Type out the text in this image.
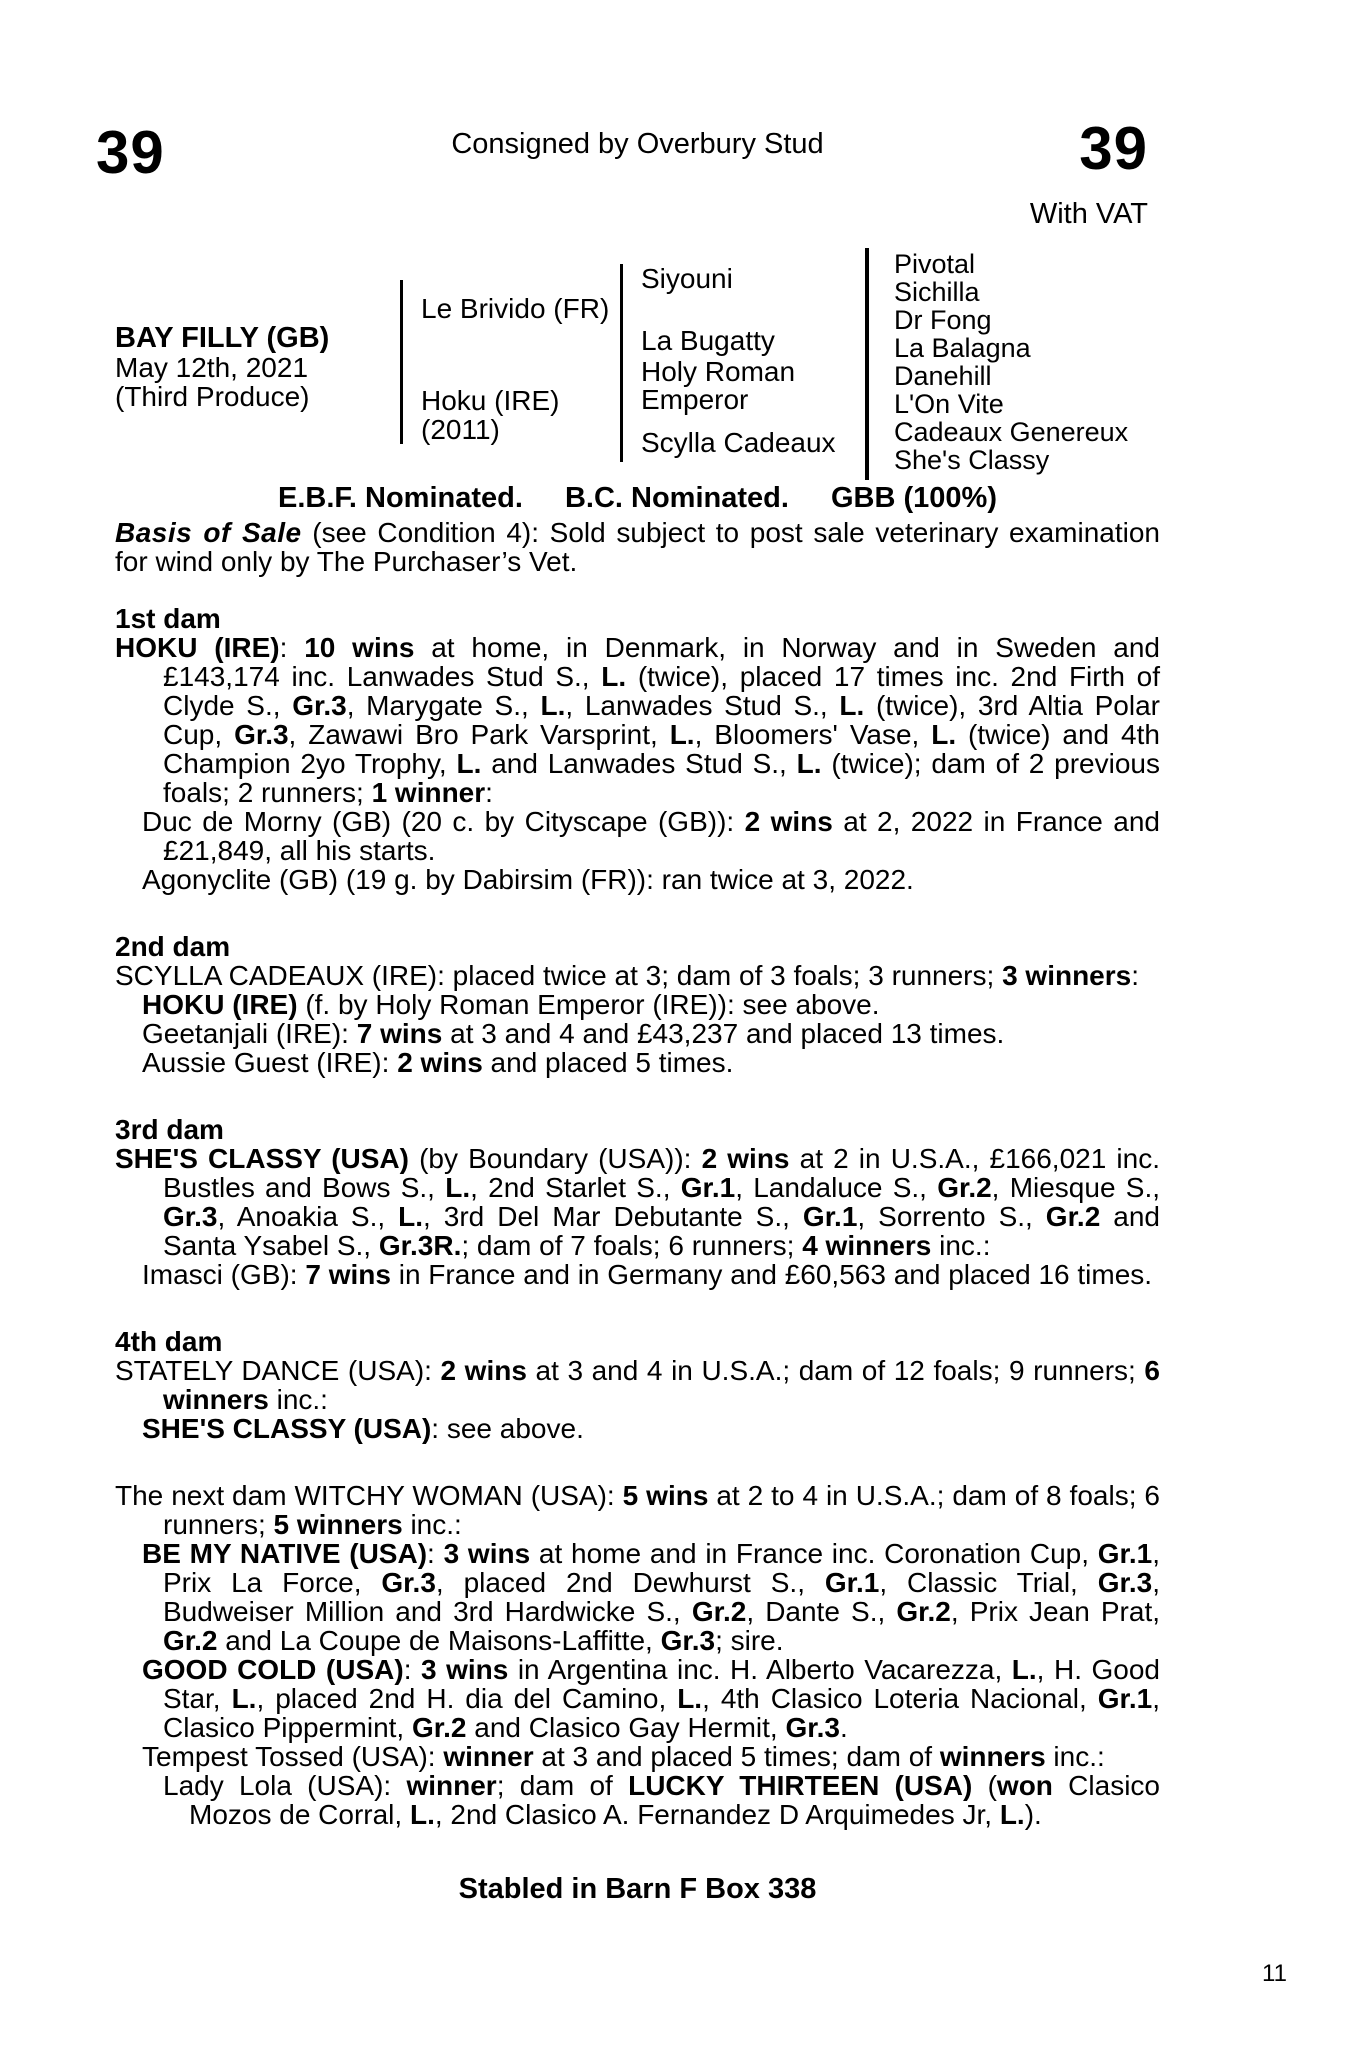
39	Consigned by Overbury Stud	39
With VAT
BAY FILLY (GB)
May 12th, 2021
(Third Produce)
Le Brivido (FR)
Hoku (IRE)
(2011)
Siyouni
La Bugatty
Holy Roman Emperor
Scylla Cadeaux
Pivotal
Sichilla
Dr Fong
La Balagna
Danehill
L'On Vite
Cadeaux Genereux
She's Classy
E.B.F. Nominated. B.C. Nominated. GBB (100%)

Basis of Sale (see Condition 4): Sold subject to post sale veterinary examination for wind only by The Purchaser’s Vet.

1st dam

HOKU (IRE): 10 wins at home, in Denmark, in Norway and in Sweden and £143,174 inc. Lanwades Stud S., L. (twice), placed 17 times inc. 2nd Firth of Clyde S., Gr.3, Marygate S., L., Lanwades Stud S., L. (twice), 3rd Altia Polar Cup, Gr.3, Zawawi Bro Park Varsprint, L., Bloomers' Vase, L. (twice) and 4th Champion 2yo Trophy, L. and Lanwades Stud S., L. (twice); dam of 2 previous foals; 2 runners; 1 winner:

Duc de Morny (GB) (20 c. by Cityscape (GB)): 2 wins at 2, 2022 in France and £21,849, all his starts.

Agonyclite (GB) (19 g. by Dabirsim (FR)): ran twice at 3, 2022.

2nd dam

SCYLLA CADEAUX (IRE): placed twice at 3; dam of 3 foals; 3 runners; 3 winners:

HOKU (IRE) (f. by Holy Roman Emperor (IRE)): see above.

Geetanjali (IRE): 7 wins at 3 and 4 and £43,237 and placed 13 times.

Aussie Guest (IRE): 2 wins and placed 5 times.

3rd dam

SHE'S CLASSY (USA) (by Boundary (USA)): 2 wins at 2 in U.S.A., £166,021 inc. Bustles and Bows S., L., 2nd Starlet S., Gr.1, Landaluce S., Gr.2, Miesque S., Gr.3, Anoakia S., L., 3rd Del Mar Debutante S., Gr.1, Sorrento S., Gr.2 and Santa Ysabel S., Gr.3R.; dam of 7 foals; 6 runners; 4 winners inc.:

Imasci (GB): 7 wins in France and in Germany and £60,563 and placed 16 times.

4th dam

STATELY DANCE (USA): 2 wins at 3 and 4 in U.S.A.; dam of 12 foals; 9 runners; 6 winners inc.:

SHE'S CLASSY (USA): see above.

The next dam WITCHY WOMAN (USA): 5 wins at 2 to 4 in U.S.A.; dam of 8 foals; 6 runners; 5 winners inc.:

BE MY NATIVE (USA): 3 wins at home and in France inc. Coronation Cup, Gr.1, Prix La Force, Gr.3, placed 2nd Dewhurst S., Gr.1, Classic Trial, Gr.3, Budweiser Million and 3rd Hardwicke S., Gr.2, Dante S., Gr.2, Prix Jean Prat, Gr.2 and La Coupe de Maisons-Laffitte, Gr.3; sire.

GOOD COLD (USA): 3 wins in Argentina inc. H. Alberto Vacarezza, L., H. Good Star, L., placed 2nd H. dia del Camino, L., 4th Clasico Loteria Nacional, Gr.1, Clasico Pippermint, Gr.2 and Clasico Gay Hermit, Gr.3.

Tempest Tossed (USA): winner at 3 and placed 5 times; dam of winners inc.:

Lady Lola (USA): winner; dam of LUCKY THIRTEEN (USA) (won Clasico Mozos de Corral, L., 2nd Clasico A. Fernandez D Arquimedes Jr, L.).

Stabled in Barn F Box 338
11
